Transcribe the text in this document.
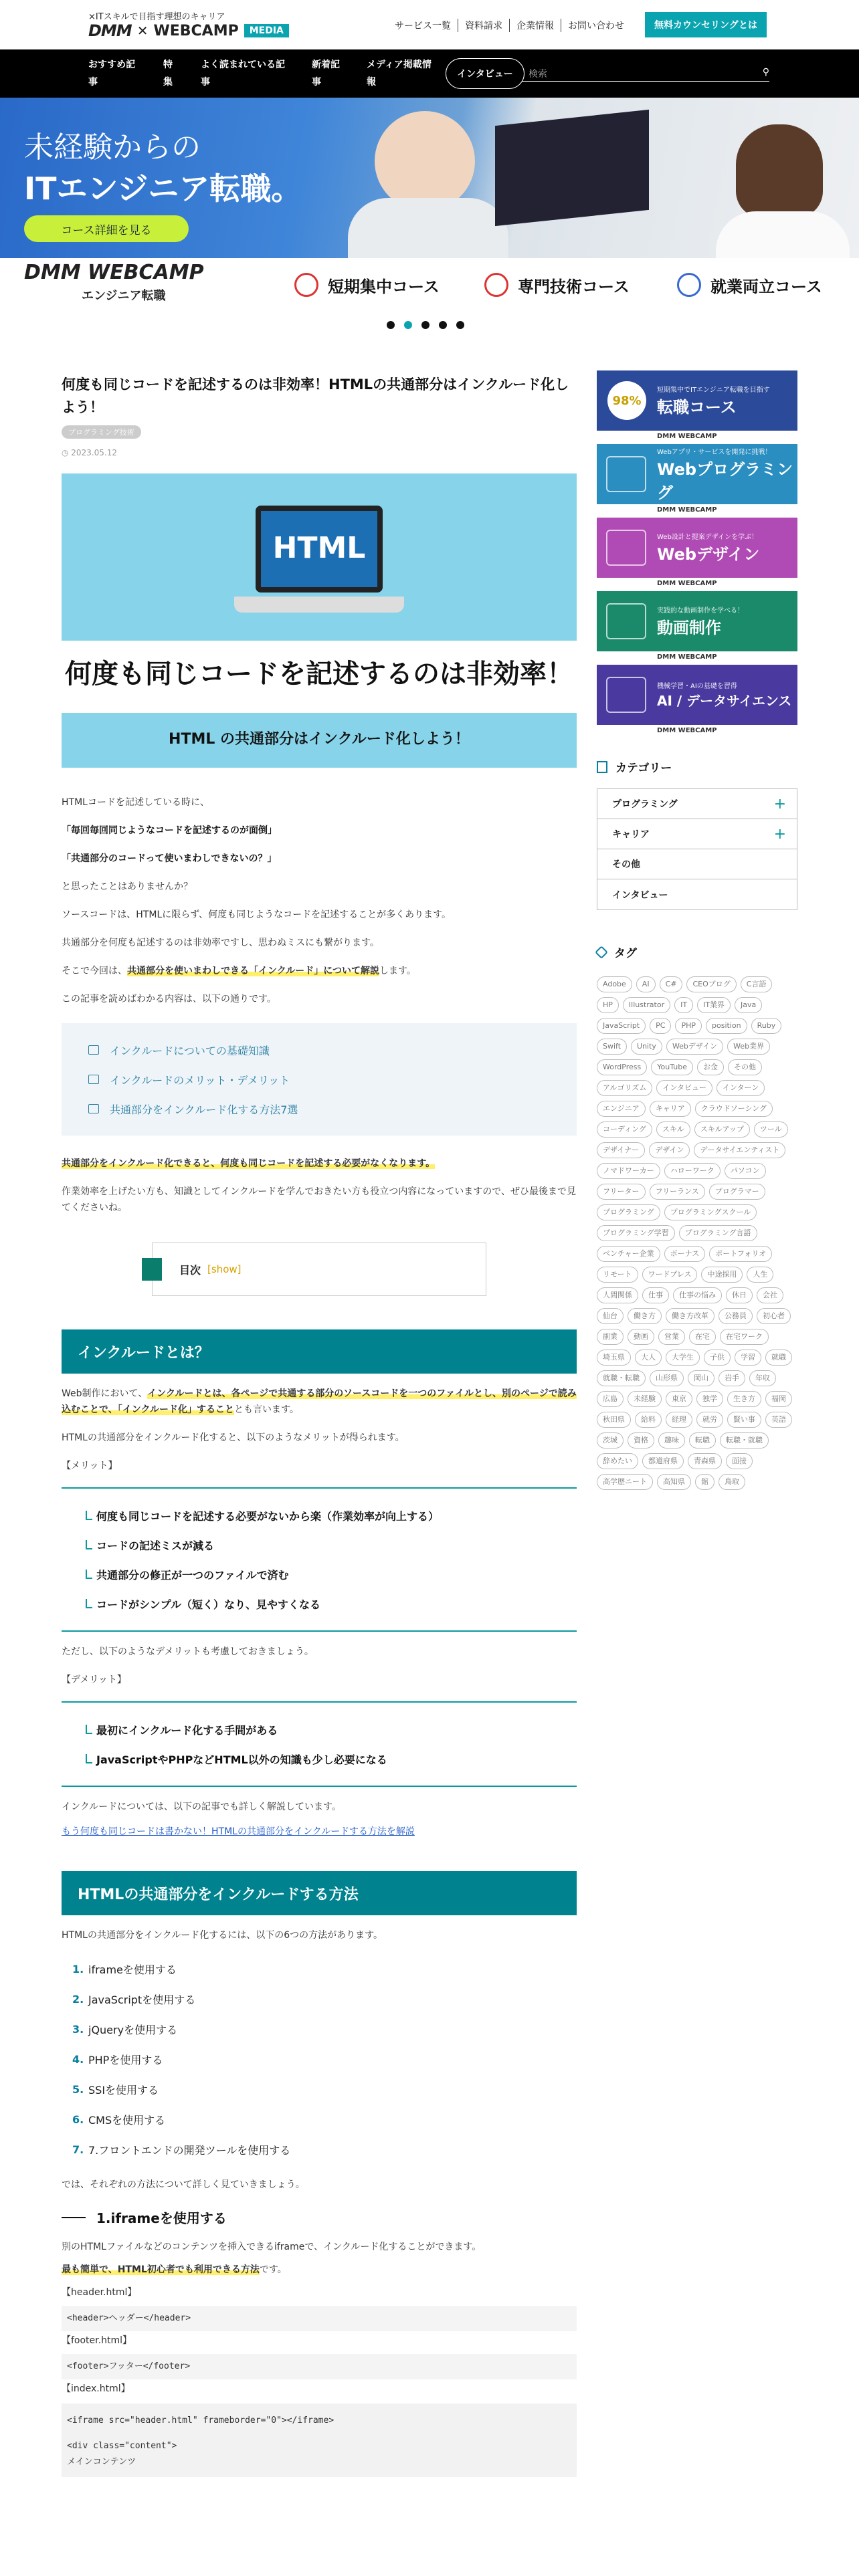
×ITスキルで目指す理想のキャリア
DMM ✕ WEBCAMP	MEDIA	サービス一覧	資料請求	企業情報	お問い合わせ	無料カウンセリングとは
おすすめ記
事
特
集
よく読まれている記
事
新着記
事
メディア掲載情
報
インタビュー	検索	⚲
未経験からの
ITエンジニア転職。
コース詳細を見る
DMM WEBCAMP
エンジニア転職	短期集中コース	専門技術コース	就業両立コース
何度も同じコードを記述するのは非効率！HTMLの共通部分はインクルード化しよう！
プログラミング技術
◷ 2023.05.12
HTML
何度も同じコードを記述するのは非効率！
HTML の共通部分はインクルード化しよう！
HTMLコードを記述している時に、
「毎回毎回同じようなコードを記述するのが面倒」
「共通部分のコードって使いまわしできないの？」
と思ったことはありませんか？
ソースコードは、HTMLに限らず、何度も同じようなコードを記述することが多くあります。
共通部分を何度も記述するのは非効率ですし、思わぬミスにも繋がります。
そこで今回は、共通部分を使いまわしできる「インクルード」について解説します。
この記事を読めばわかる内容は、以下の通りです。
インクルードについての基礎知識
インクルードのメリット・デメリット
共通部分をインクルード化する方法7選
共通部分をインクルード化できると、何度も同じコードを記述する必要がなくなります。
作業効率を上げたい方も、知識としてインクルードを学んでおきたい方も役立つ内容になっていますので、ぜひ最後まで見てくださいね。
目次 [show]
インクルードとは？
Web制作において、インクルードとは、各ページで共通する部分のソースコードを一つのファイルとし、別のページで読み込むことで、「インクルード化」することとも言います。
HTMLの共通部分をインクルード化すると、以下のようなメリットが得られます。
【メリット】
何度も同じコードを記述する必要がないから楽（作業効率が向上する）
コードの記述ミスが減る
共通部分の修正が一つのファイルで済む
コードがシンプル（短く）なり、見やすくなる
ただし、以下のようなデメリットも考慮しておきましょう。
【デメリット】
最初にインクルード化する手間がある
JavaScriptやPHPなどHTML以外の知識も少し必要になる
インクルードについては、以下の記事でも詳しく解説しています。
もう何度も同じコードは書かない！HTMLの共通部分をインクルードする方法を解説
HTMLの共通部分をインクルードする方法
HTMLの共通部分をインクルード化するには、以下の6つの方法があります。
1. iframeを使用する
2. JavaScriptを使用する
3. jQueryを使用する
4. PHPを使用する
5. SSIを使用する
6. CMSを使用する
7. 7.フロントエンドの開発ツールを使用する
では、それぞれの方法について詳しく見ていきましょう。
1.iframeを使用する
別のHTMLファイルなどのコンテンツを挿入できるiframeで、インクルード化することができます。
最も簡単で、HTML初心者でも利用できる方法です。
【header.html】
<header>ヘッダー</header>
【footer.html】
<footer>フッター</footer>
【index.html】
<iframe src="header.html" frameborder="0"></iframe>
<div class="content">
メインコンテンツ
98%
短期集中でITエンジニア転職を目指す
転職コース
DMM WEBCAMP
Webアプリ・サービスを開発に挑戦！
Webプログラミング
DMM WEBCAMP
Web設計と提案デザインを学ぶ！
Webデザイン
DMM WEBCAMP
実践的な動画制作を学べる！
動画制作
DMM WEBCAMP
機械学習・AIの基礎を習得
AI / データサイエンス
DMM WEBCAMP
カテゴリー
プログラミング	+
キャリア	+
その他
インタビュー
タグ
Adobe	AI	C#	CEOブログ	C言語
HP	Illustrator	IT	IT業界	Java
JavaScript	PC	PHP	position	Ruby
Swift	Unity	Webデザイン	Web業界
WordPress	YouTube	お金	その他
アルゴリズム	インタビュー	インターン
エンジニア	キャリア	クラウドソーシング
コーディング	スキル	スキルアップ	ツール
デザイナー	デザイン	データサイエンティスト
ノマドワーカー	ハローワーク	パソコン
フリーター	フリーランス	プログラマー
プログラミング	プログラミングスクール
プログラミング学習	プログラミング言語
ベンチャー企業	ボーナス	ポートフォリオ
リモート	ワードプレス	中途採用	人生
人間関係	仕事	仕事の悩み	休日	会社
仙台	働き方	働き方改革	公務員	初心者
副業	動画	営業	在宅	在宅ワーク
埼玉県	大人	大学生	子供	学習	就職
就職・転職	山形県	岡山	岩手	年収
広島	未経験	東京	独学	生き方	福岡
秋田県	給料	経理	就労	賢い事	英語
茨城	資格	趣味	転職	転職・就職
辞めたい	都道府県	青森県	面接
高学歴ニート	高知県	館	鳥取
